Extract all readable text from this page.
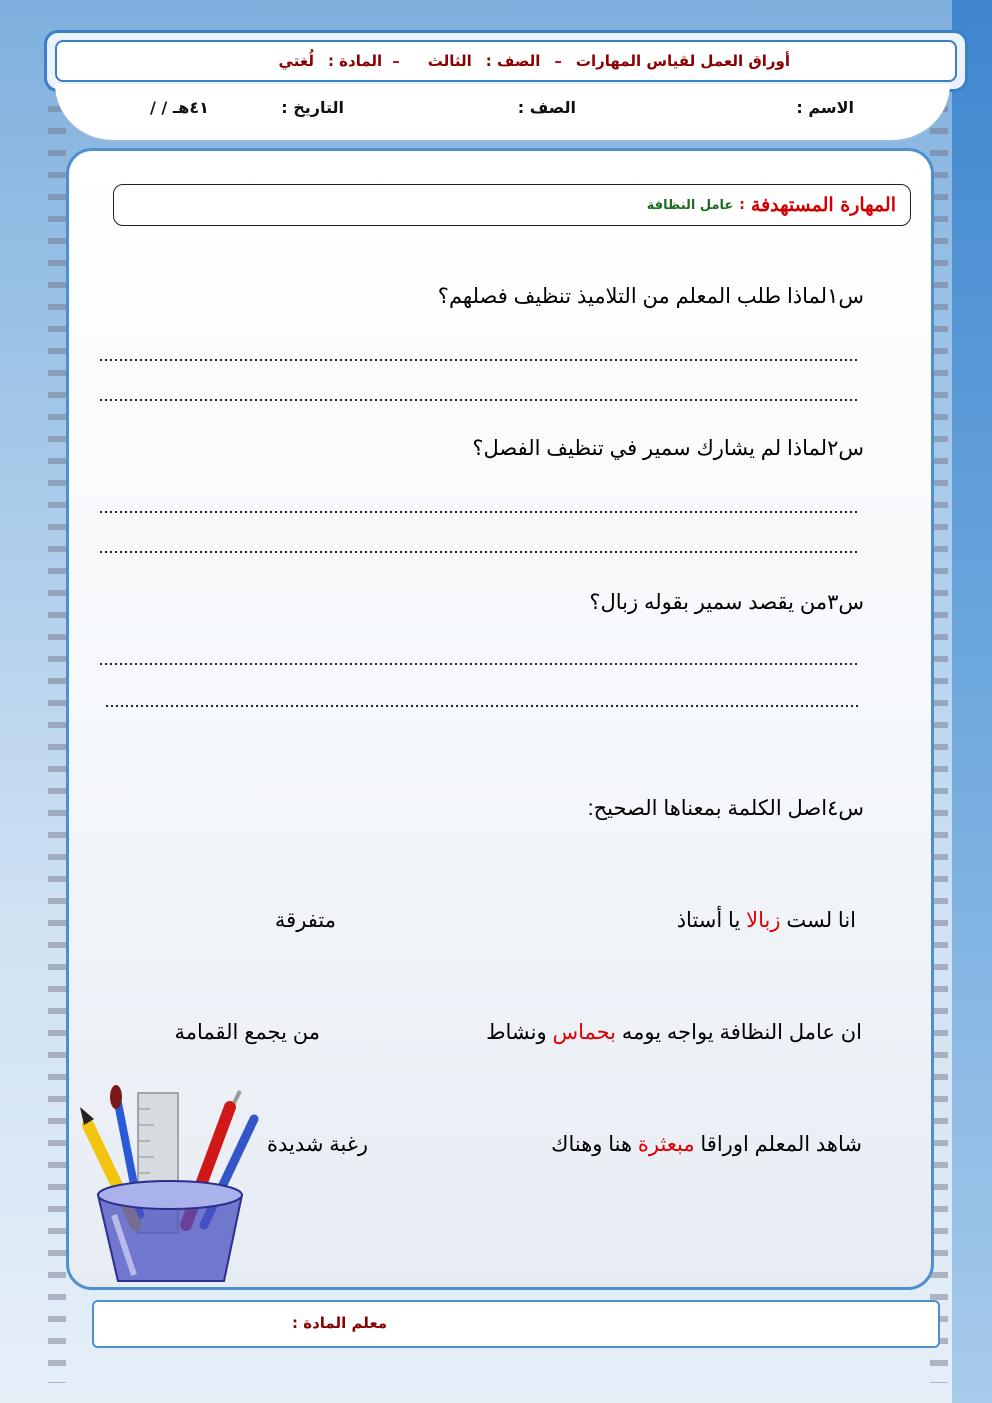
أوراق العمل لقياس المهارات
–
الصف :
الثالث
–
المادة :
لُغتي
الاسم :
الصف :
التاريخ :
/ / ٤١هـ
المهارة المستهدفة
:
عامل النظافة
س١لماذا طلب المعلم من التلاميذ تنظيف فصلهم؟
س٢لماذا لم يشارك سمير في تنظيف الفصل؟
س٣من يقصد سمير بقوله زبال؟
س٤اصل الكلمة بمعناها الصحيح:
انا لست زبالا يا أستاذ
متفرقة
ان عامل النظافة يواجه يومه بحماس ونشاط
من يجمع القمامة
شاهد المعلم اوراقا مبعثرة هنا وهناك
رغبة شديدة
معلم المادة :
